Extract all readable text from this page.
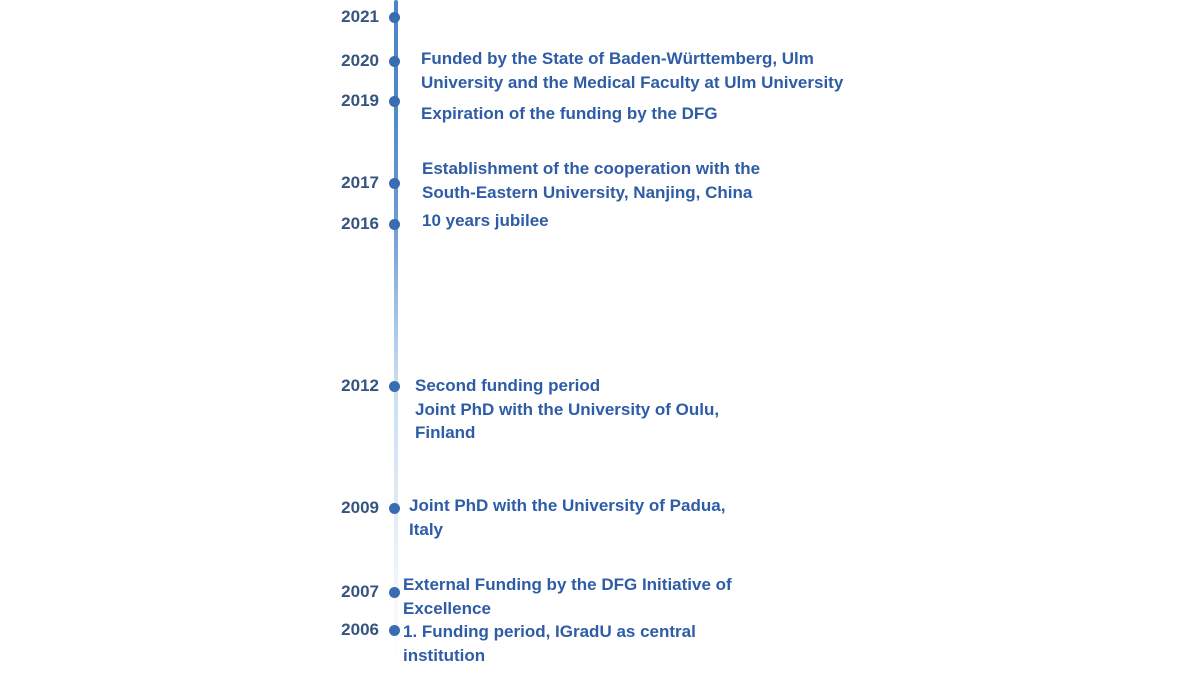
2021
2020 Funded by the State of Baden-Württemberg, Ulm
University and the Medical Faculty at Ulm University
2019
Expiration of the funding by the DFG
2017
Establishment of the cooperation with the
South-Eastern University, Nanjing, China
2016	10 years jubilee
2012 Second funding period
Joint PhD with the University of Oulu,
Finland
2009 Joint PhD with the University of Padua,
Italy
2007 External Funding by the DFG Initiative of
Excellence
2006 1. Funding period, IGradU as central
institution
